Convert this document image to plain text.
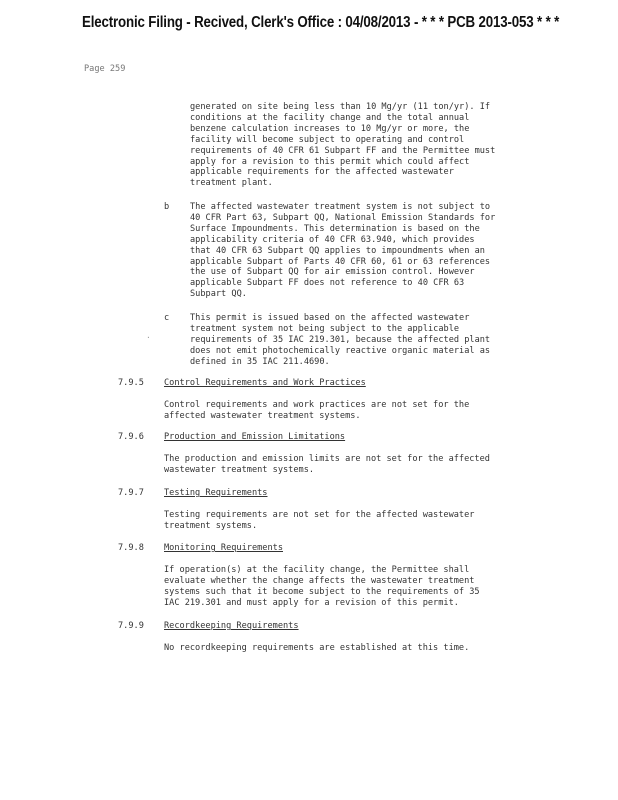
Electronic Filing - Recived, Clerk's Office : 04/08/2013 - * * * PCB 2013-053 * * *
Page 259
generated on site being less than 10 Mg/yr (11 ton/yr). If
conditions at the facility change and the total annual
benzene calculation increases to 10 Mg/yr or more, the
facility will become subject to operating and control
requirements of 40 CFR 61 Subpart FF and the Permittee must
apply for a revision to this permit which could affect
applicable requirements for the affected wastewater
treatment plant.
b The affected wastewater treatment system is not subject to
40 CFR Part 63, Subpart QQ, National Emission Standards for
Surface Impoundments. This determination is based on the
applicability criteria of 40 CFR 63.940, which provides
that 40 CFR 63 Subpart QQ applies to impoundments when an
applicable Subpart of Parts 40 CFR 60, 61 or 63 references
the use of Subpart QQ for air emission control. However
applicable Subpart FF does not reference to 40 CFR 63
Subpart QQ.
c This permit is issued based on the affected wastewater
treatment system not being subject to the applicable
requirements of 35 IAC 219.301, because the affected plant
does not emit photochemically reactive organic material as
defined in 35 IAC 211.4690.
.
7.9.5 Control Requirements and Work Practices
Control requirements and work practices are not set for the
affected wastewater treatment systems.
7.9.6 Production and Emission Limitations
The production and emission limits are not set for the affected
wastewater treatment systems.
7.9.7 Testing Requirements
Testing requirements are not set for the affected wastewater
treatment systems.
7.9.8 Monitoring Requirements
If operation(s) at the facility change, the Permittee shall
evaluate whether the change affects the wastewater treatment
systems such that it become subject to the requirements of 35
IAC 219.301 and must apply for a revision of this permit.
7.9.9 Recordkeeping Requirements
No recordkeeping requirements are established at this time.
